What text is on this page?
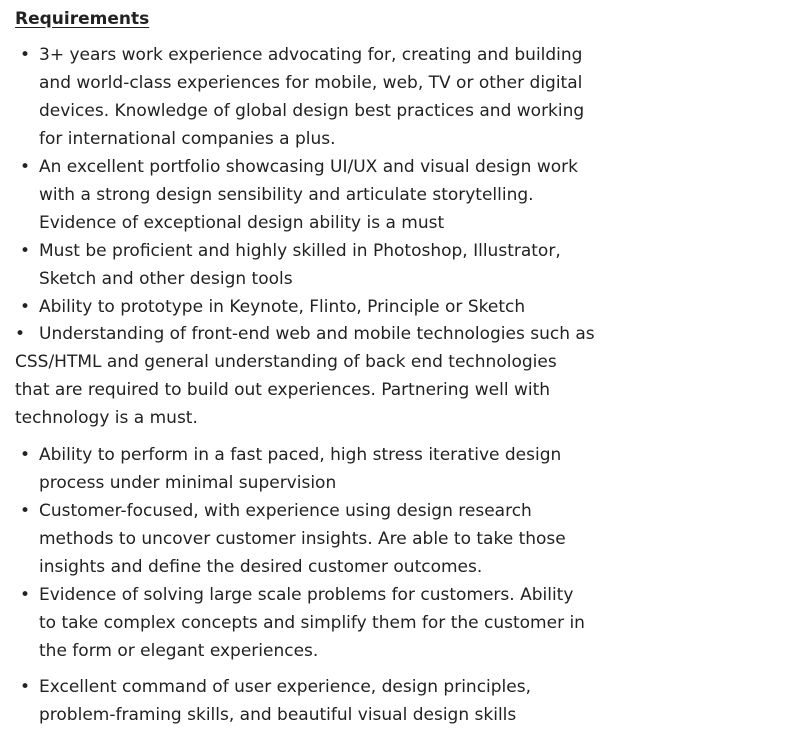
Requirements
• 3+ years work experience advocating for, creating and building and world-class experiences for mobile, web, TV or other digital devices. Knowledge of global design best practices and working for international companies a plus.
• An excellent portfolio showcasing UI/UX and visual design work with a strong design sensibility and articulate storytelling. Evidence of exceptional design ability is a must
• Must be proficient and highly skilled in Photoshop, Illustrator, Sketch and other design tools
• Ability to prototype in Keynote, Flinto, Principle or Sketch
• Understanding of front-end web and mobile technologies such as CSS/HTML and general understanding of back end technologies that are required to build out experiences. Partnering well with technology is a must.
• Ability to perform in a fast paced, high stress iterative design process under minimal supervision
• Customer-focused, with experience using design research methods to uncover customer insights. Are able to take those insights and define the desired customer outcomes.
• Evidence of solving large scale problems for customers. Ability to take complex concepts and simplify them for the customer in the form or elegant experiences.
• Excellent command of user experience, design principles, problem-framing skills, and beautiful visual design skills
